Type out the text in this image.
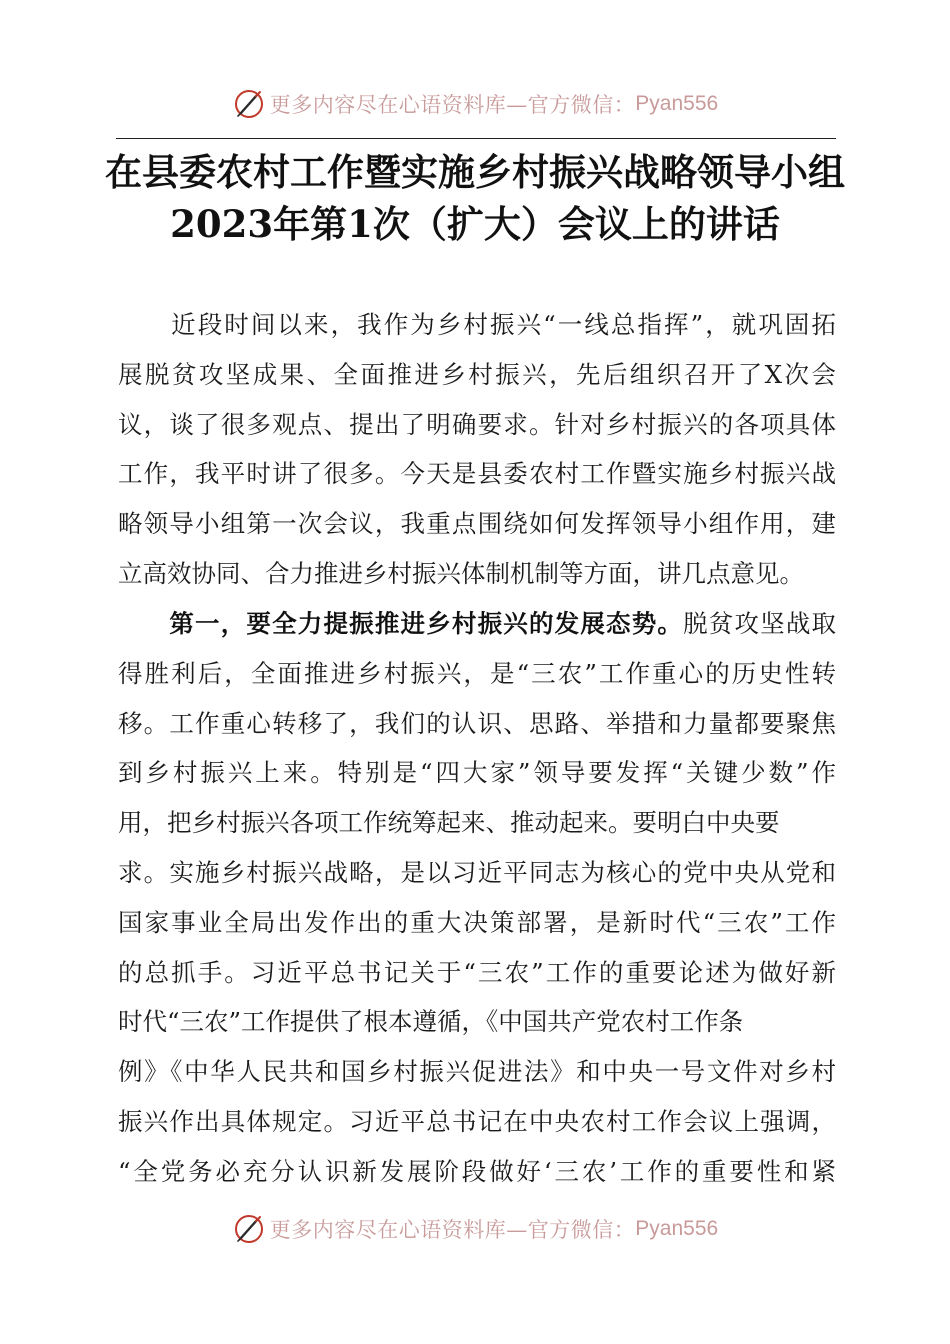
更多内容尽在心语资料库—官方微信： Pyan556
在县委农村工作暨实施乡村振兴战略领导小组
2023年第1次（扩大）会议上的讲话
　　近段时间以来，我作为乡村振兴“一线总指挥”，就巩固拓
展脱贫攻坚成果、全面推进乡村振兴，先后组织召开了X次会
议，谈了很多观点、提出了明确要求。针对乡村振兴的各项具体
工作，我平时讲了很多。今天是县委农村工作暨实施乡村振兴战
略领导小组第一次会议，我重点围绕如何发挥领导小组作用，建
立高效协同、合力推进乡村振兴体制机制等方面，讲几点意见。
　　第一，要全力提振推进乡村振兴的发展态势。脱贫攻坚战取
得胜利后，全面推进乡村振兴，是“三农”工作重心的历史性转
移。工作重心转移了，我们的认识、思路、举措和力量都要聚焦
到乡村振兴上来。特别是“四大家”领导要发挥“关键少数”作
用，把乡村振兴各项工作统筹起来、推动起来。要明白中央要
求。实施乡村振兴战略，是以习近平同志为核心的党中央从党和
国家事业全局出发作出的重大决策部署，是新时代“三农”工作
的总抓手。习近平总书记关于“三农”工作的重要论述为做好新
时代“三农”工作提供了根本遵循，《中国共产党农村工作条
例》《中华人民共和国乡村振兴促进法》和中央一号文件对乡村
振兴作出具体规定。习近平总书记在中央农村工作会议上强调，
“全党务必充分认识新发展阶段做好‘三农’工作的重要性和紧
更多内容尽在心语资料库—官方微信： Pyan556
